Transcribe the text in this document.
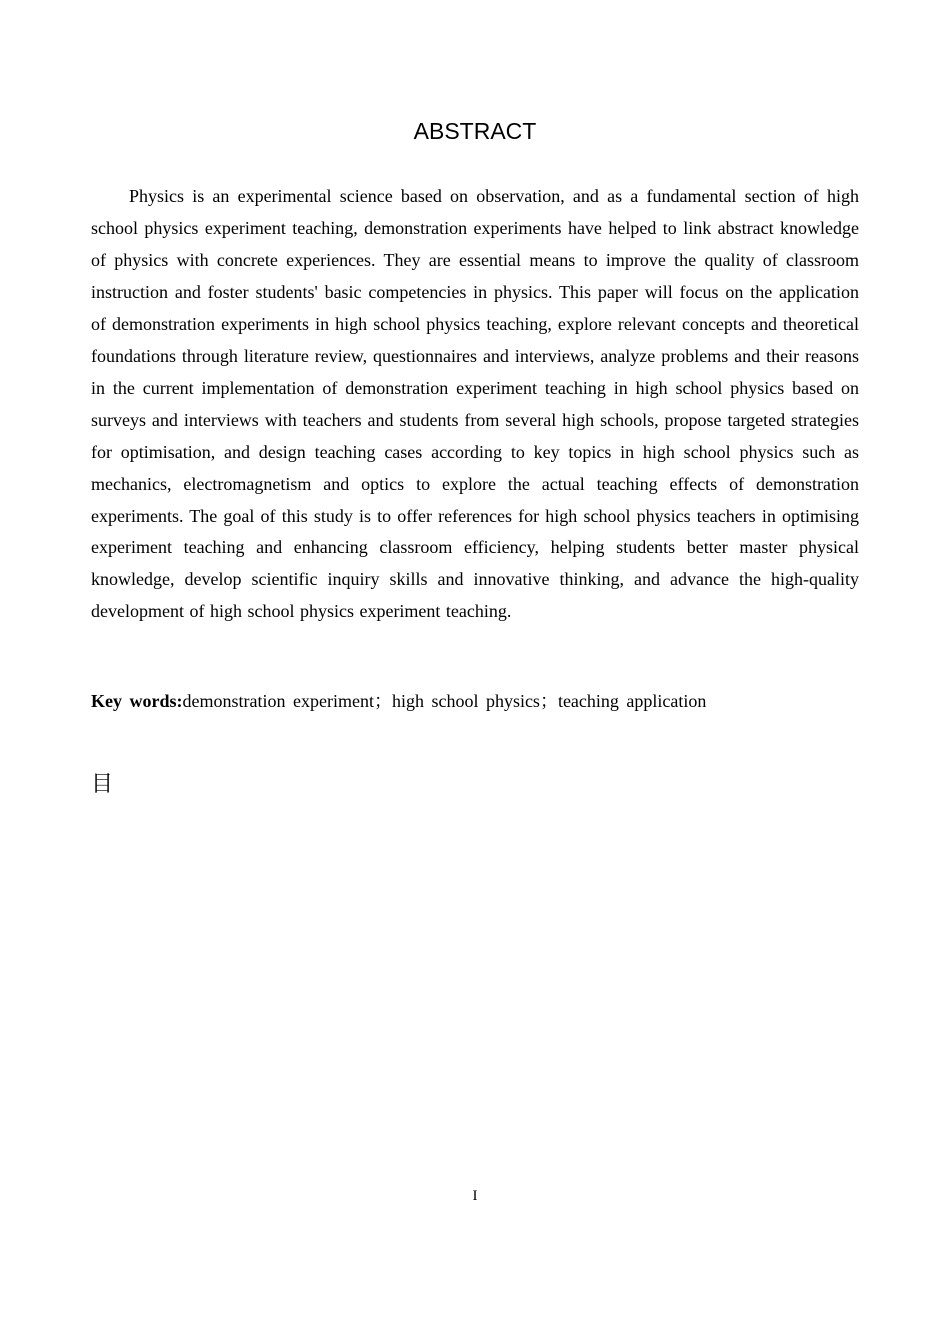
ABSTRACT

Physics is an experimental science based on observation, and as a fundamental section of high school physics experiment teaching, demonstration experiments have helped to link abstract knowledge of physics with concrete experiences. They are essential means to improve the quality of classroom instruction and foster students' basic competencies in physics. This paper will focus on the application of demonstration experiments in high school physics teaching, explore relevant concepts and theoretical foundations through literature review, questionnaires and interviews, analyze problems and their reasons in the current implementation of demonstration experiment teaching in high school physics based on surveys and interviews with teachers and students from several high schools, propose targeted strategies for optimisation, and design teaching cases according to key topics in high school physics such as mechanics, electromagnetism and optics to explore the actual teaching effects of demonstration experiments. The goal of this study is to offer references for high school physics teachers in optimising experiment teaching and enhancing classroom efficiency, helping students better master physical knowledge, develop scientific inquiry skills and innovative thinking, and advance the high-quality development of high school physics experiment teaching.

Key words:demonstration experiment；high school physics；teaching application

目

I
